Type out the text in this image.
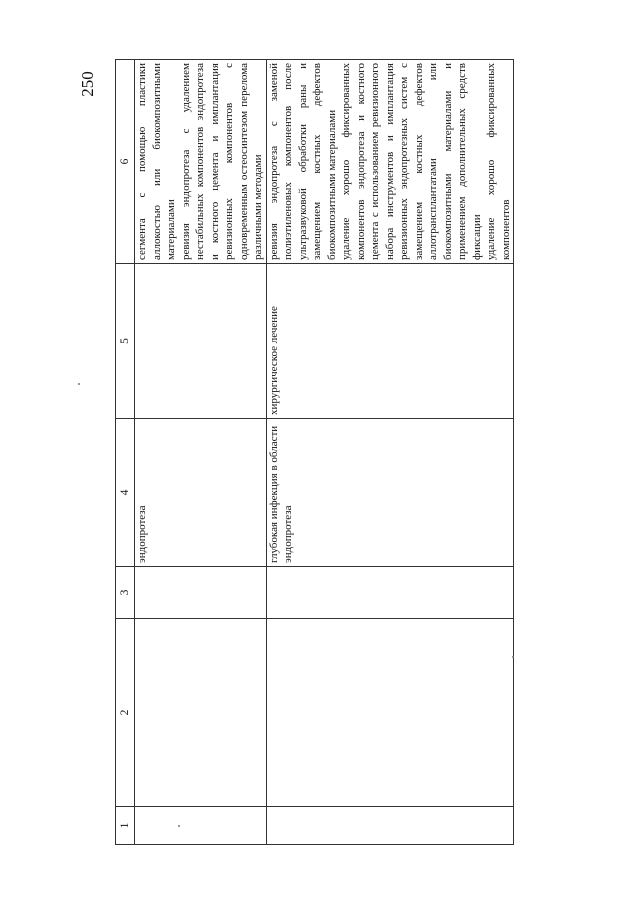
250
1	2	3	4	5	6
			эндопротеза		сегмента с помощью пластики аллокостью или биокомпозитными материалами ревизия эндопротеза с удалением нестабильных компонентов эндопротеза и костного цемента и имплантация ревизионных компонентов с одновременным остеосинтезом перелома различными методами

			глубокая инфекция в области эндопротеза	хирургическое лечение	ревизия эндопротеза с заменой полиэтиленовых компонентов после ультразвуковой обработки раны и замещением костных дефектов биокомпозитными материалами удаление хорошо фиксированных компонентов эндопротеза и костного цемента с использованием ревизионного набора инструментов и имплантация ревизионных эндопротезных систем с замещением костных дефектов аллотрансплантатами или биокомпозитными материалами и применением дополнительных средств фиксации удаление хорошо фиксированных компонентов
